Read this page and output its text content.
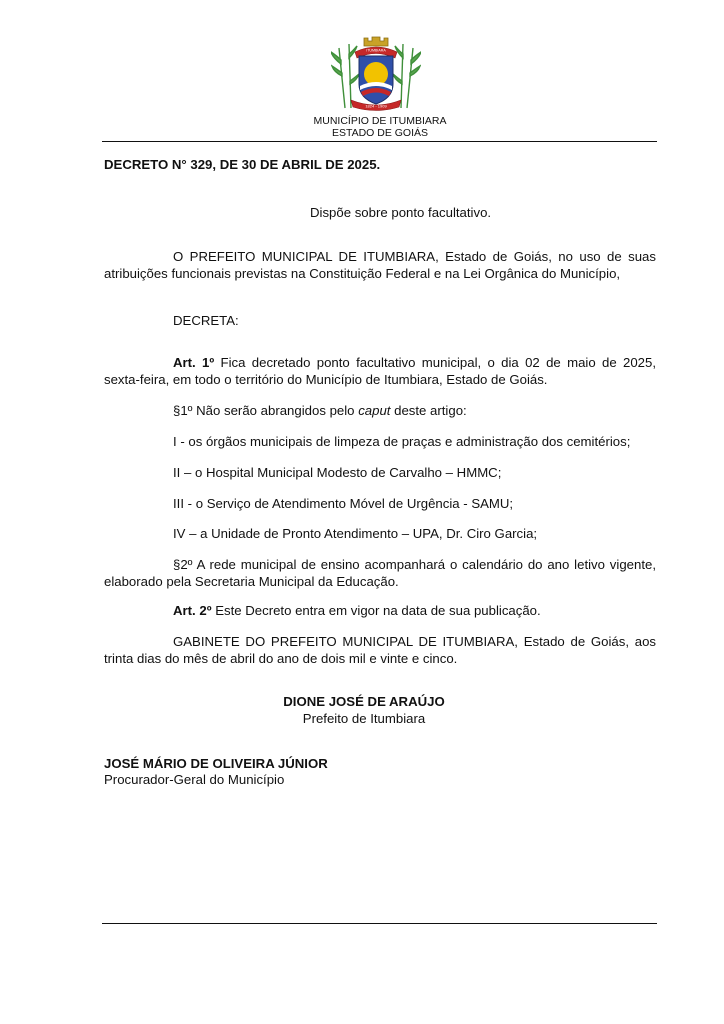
1824 - 1909
ITUMBIARA
MUNICÍPIO DE ITUMBIARA
ESTADO DE GOIÁS

DECRETO N° 329, DE 30 DE ABRIL DE 2025.

Dispõe sobre ponto facultativo.

O PREFEITO MUNICIPAL DE ITUMBIARA, Estado de Goiás, no uso de suas atribuições funcionais previstas na Constituição Federal e na Lei Orgânica do Município,

DECRETA:

Art. 1º Fica decretado ponto facultativo municipal, o dia 02 de maio de 2025, sexta-feira, em todo o território do Município de Itumbiara, Estado de Goiás.

§1º Não serão abrangidos pelo caput deste artigo:

I - os órgãos municipais de limpeza de praças e administração dos cemitérios;

II – o Hospital Municipal Modesto de Carvalho – HMMC;

III - o Serviço de Atendimento Móvel de Urgência - SAMU;

IV – a Unidade de Pronto Atendimento – UPA, Dr. Ciro Garcia;

§2º A rede municipal de ensino acompanhará o calendário do ano letivo vigente, elaborado pela Secretaria Municipal da Educação.

Art. 2º Este Decreto entra em vigor na data de sua publicação.

GABINETE DO PREFEITO MUNICIPAL DE ITUMBIARA, Estado de Goiás, aos trinta dias do mês de abril do ano de dois mil e vinte e cinco.

DIONE JOSÉ DE ARAÚJO

Prefeito de Itumbiara

JOSÉ MÁRIO DE OLIVEIRA JÚNIOR

Procurador-Geral do Município
